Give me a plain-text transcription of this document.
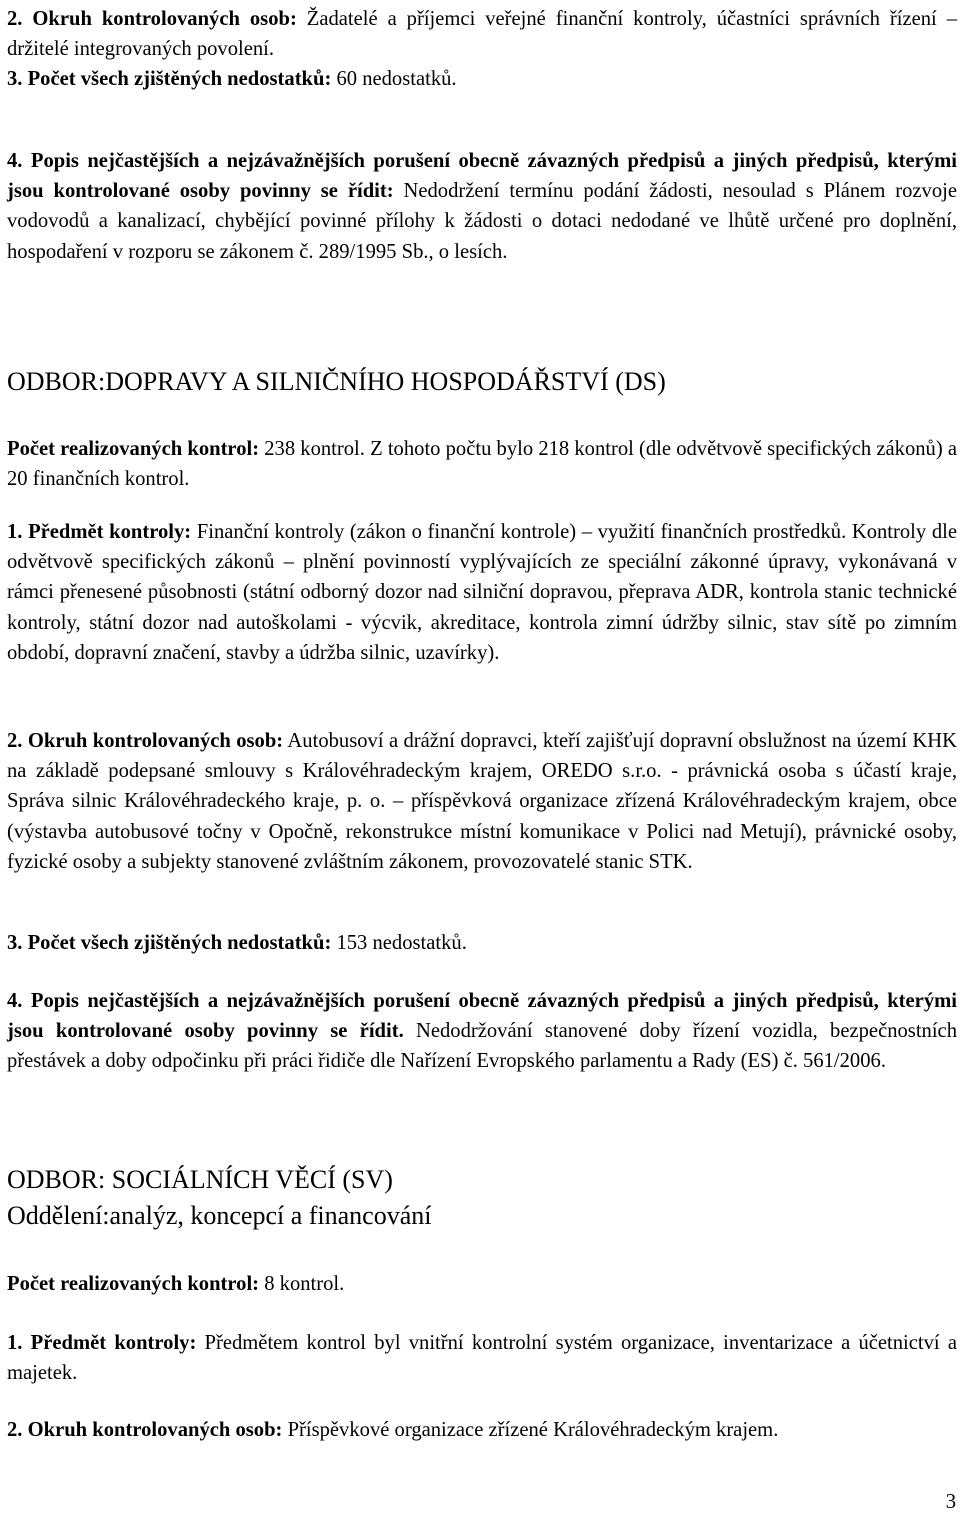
2. Okruh kontrolovaných osob: Žadatelé a příjemci veřejné finanční kontroly, účastníci správních řízení – držitelé integrovaných povolení.

3. Počet všech zjištěných nedostatků: 60 nedostatků.

4. Popis nejčastějších a nejzávažnějších porušení obecně závazných předpisů a jiných předpisů, kterými jsou kontrolované osoby povinny se řídit: Nedodržení termínu podání žádosti, nesoulad s Plánem rozvoje vodovodů a kanalizací, chybějící povinné přílohy k žádosti o dotaci nedodané ve lhůtě určené pro doplnění, hospodaření v rozporu se zákonem č. 289/1995 Sb., o lesích.

ODBOR:DOPRAVY A SILNIČNÍHO HOSPODÁŘSTVÍ (DS)

Počet realizovaných kontrol: 238 kontrol. Z tohoto počtu bylo 218 kontrol (dle odvětvově specifických zákonů) a 20 finančních kontrol.

1. Předmět kontroly: Finanční kontroly (zákon o finanční kontrole) – využití finančních prostředků. Kontroly dle odvětvově specifických zákonů – plnění povinností vyplývajících ze speciální zákonné úpravy, vykonávaná v rámci přenesené působnosti (státní odborný dozor nad silniční dopravou, přeprava ADR, kontrola stanic technické kontroly, státní dozor nad autoškolami - výcvik, akreditace, kontrola zimní údržby silnic, stav sítě po zimním období, dopravní značení, stavby a údržba silnic, uzavírky).

2. Okruh kontrolovaných osob: Autobusoví a drážní dopravci, kteří zajišťují dopravní obslužnost na území KHK na základě podepsané smlouvy s Královéhradeckým krajem, OREDO s.r.o. - právnická osoba s účastí kraje, Správa silnic Královéhradeckého kraje, p. o. – příspěvková organizace zřízená Královéhradeckým krajem, obce (výstavba autobusové točny v Opočně, rekonstrukce místní komunikace v Polici nad Metují), právnické osoby, fyzické osoby a subjekty stanovené zvláštním zákonem, provozovatelé stanic STK.

3. Počet všech zjištěných nedostatků: 153 nedostatků.

4. Popis nejčastějších a nejzávažnějších porušení obecně závazných předpisů a jiných předpisů, kterými jsou kontrolované osoby povinny se řídit. Nedodržování stanovené doby řízení vozidla, bezpečnostních přestávek a doby odpočinku při práci řidiče dle Nařízení Evropského parlamentu a Rady (ES) č. 561/2006.

ODBOR: SOCIÁLNÍCH VĚCÍ (SV)
Oddělení:analýz, koncepcí a financování

Počet realizovaných kontrol: 8 kontrol.

1. Předmět kontroly: Předmětem kontrol byl vnitřní kontrolní systém organizace, inventarizace a účetnictví a majetek.

2. Okruh kontrolovaných osob: Příspěvkové organizace zřízené Královéhradeckým krajem.

3
